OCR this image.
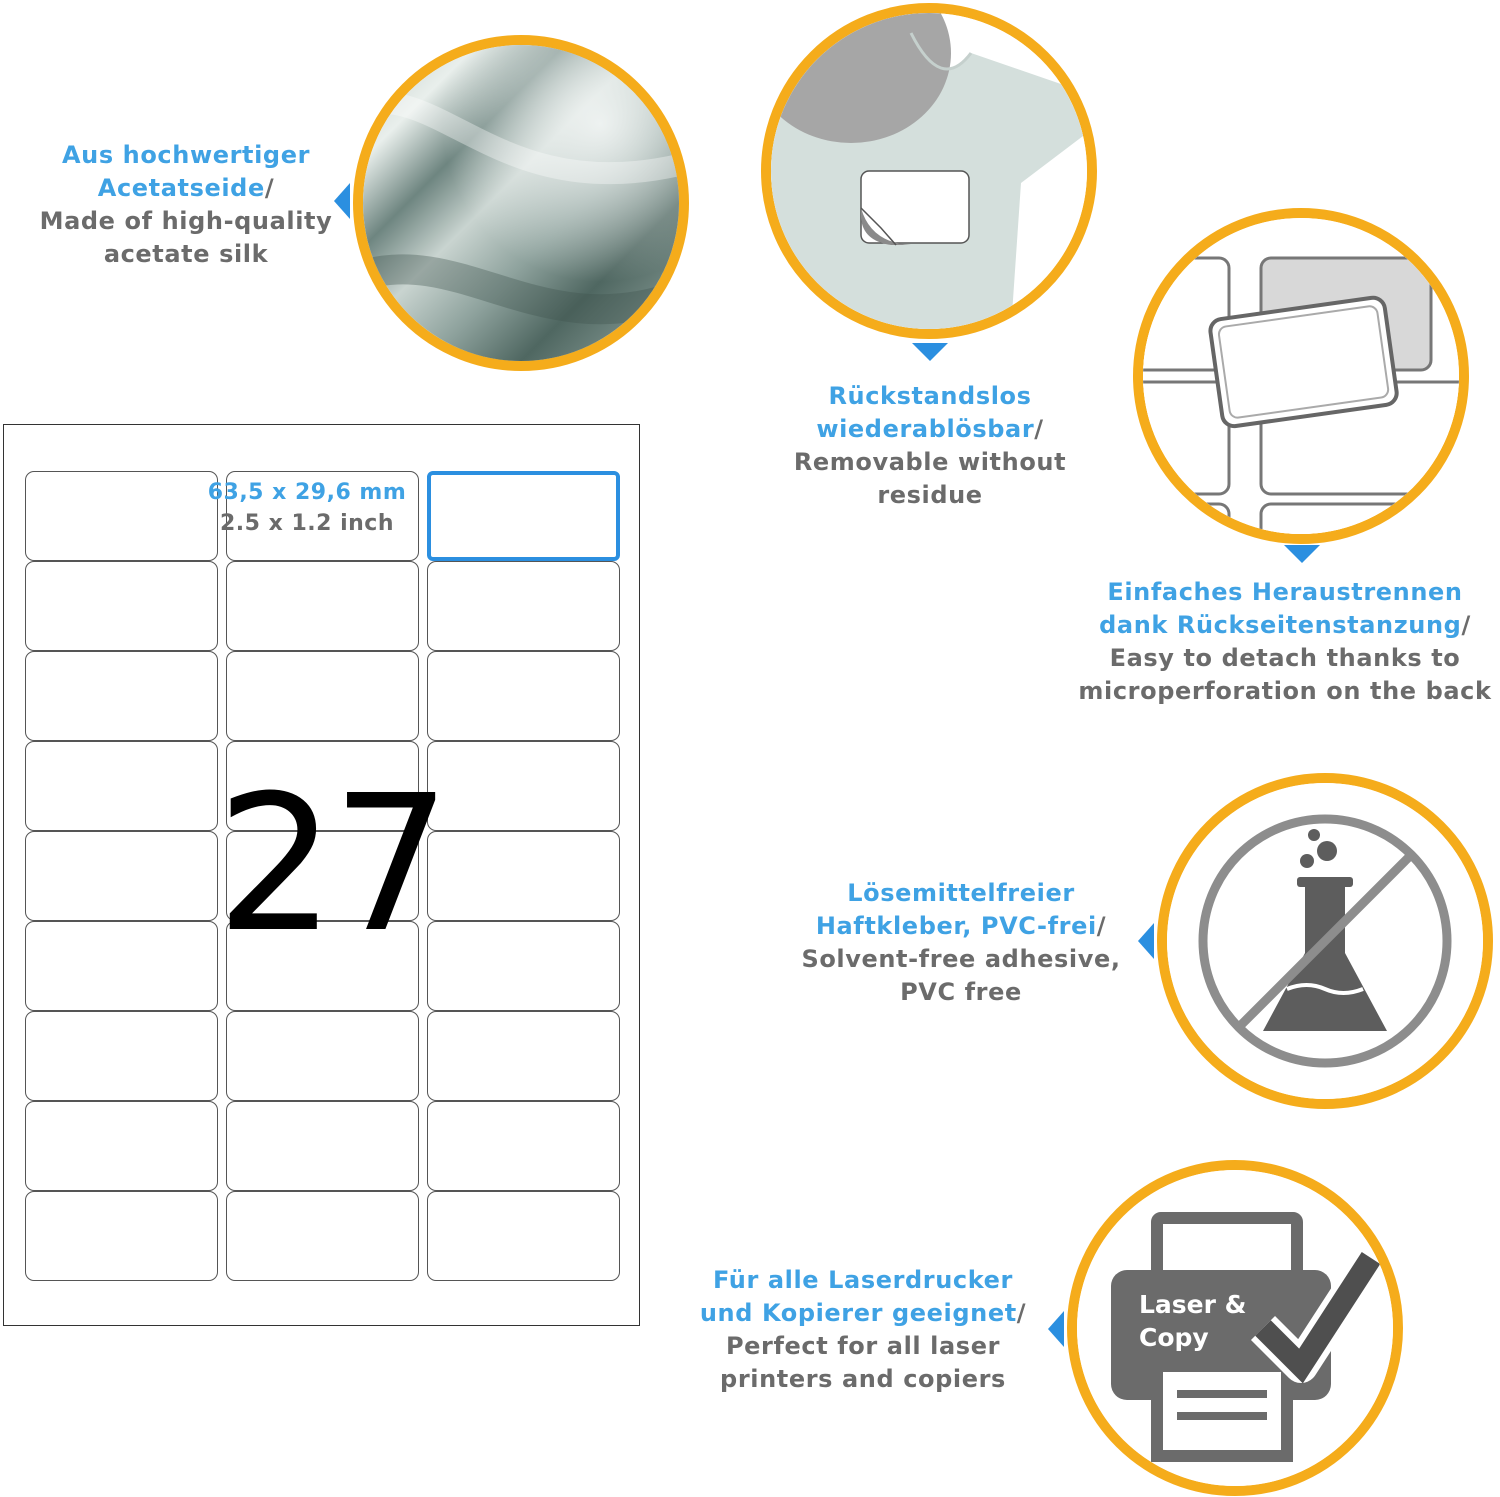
Aus hochwertiger
Acetatseide/
Made of high-quality
acetate silk
Rückstandslos
wiederablösbar/
Removable without
residue
Einfaches Heraustrennen
dank Rückseitenstanzung/
Easy to detach thanks to
microperforation on the back
Lösemittelfreier
Haftkleber, PVC-frei/
Solvent-free adhesive,
PVC free
Laser &
Copy
Für alle Laserdrucker
und Kopierer geeignet/
Perfect for all laser
printers and copiers
27
63,5 x 29,6 mm
2.5 x 1.2 inch
